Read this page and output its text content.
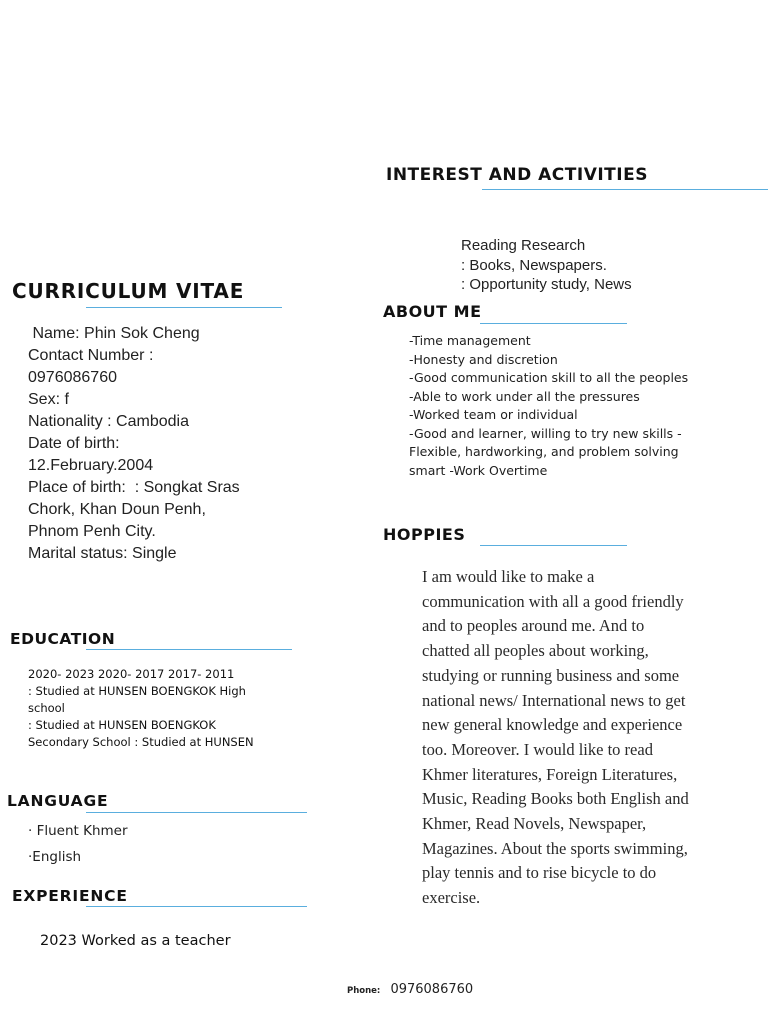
INTEREST AND ACTIVITIES
Reading Research
: Books, Newspapers.
: Opportunity study, News
CURRICULUM VITAE
Name: Phin Sok Cheng
Contact Number :
0976086760
Sex: f
Nationality : Cambodia
Date of birth:
12.February.2004
Place of birth:  : Songkat Sras
Chork, Khan Doun Penh,
Phnom Penh City.
Marital status: Single
ABOUT ME
-Time management
-Honesty and discretion
-Good communication skill to all the peoples
-Able to work under all the pressures
-Worked team or individual
-Good and learner, willing to try new skills -
Flexible, hardworking, and problem solving
smart -Work Overtime
HOPPIES
I am would like to make a
communication with all a good friendly
and to peoples around me. And to
chatted all peoples about working,
studying or running business and some
national news/ International news to get
new general knowledge and experience
too. Moreover. I would like to read
Khmer literatures, Foreign Literatures,
Music, Reading Books both English and
Khmer, Read Novels, Newspaper,
Magazines. About the sports swimming,
play tennis and to rise bicycle to do
exercise.
EDUCATION
2020- 2023 2020- 2017 2017- 2011
: Studied at HUNSEN BOENGKOK High
school
: Studied at HUNSEN BOENGKOK
Secondary School : Studied at HUNSEN
LANGUAGE
· Fluent Khmer
·English
EXPERIENCE
2023 Worked as a teacher
Phone: 0976086760
